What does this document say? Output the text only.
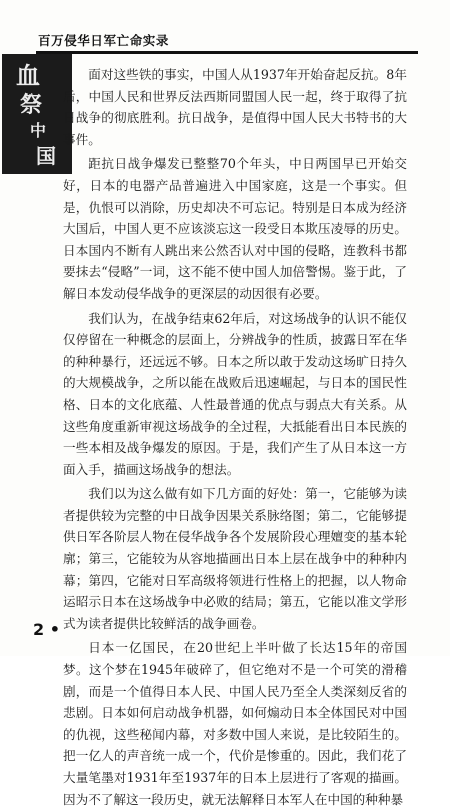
百万侵华日军亡命实录
血
祭
中
国

面对这些铁的事实，中国人从1937年开始奋起反抗。8年后，中国人民和世界反法西斯同盟国人民一起，终于取得了抗日战争的彻底胜利。抗日战争，是值得中国人民大书特书的大事件。

距抗日战争爆发已整整70个年头，中日两国早已开始交好，日本的电器产品普遍进入中国家庭，这是一个事实。但是，仇恨可以消除，历史却决不可忘记。特别是日本成为经济大国后，中国人更不应该淡忘这一段受日本欺压凌辱的历史。日本国内不断有人跳出来公然否认对中国的侵略，连教科书都要抹去“侵略”一词，这不能不使中国人加倍警惕。鉴于此，了解日本发动侵华战争的更深层的动因很有必要。

我们认为，在战争结束62年后，对这场战争的认识不能仅仅停留在一种概念的层面上，分辨战争的性质，披露日军在华的种种暴行，还远远不够。日本之所以敢于发动这场旷日持久的大规模战争，之所以能在战败后迅速崛起，与日本的国民性格、日本的文化底蕴、人性最普通的优点与弱点大有关系。从这些角度重新审视这场战争的全过程，大抵能看出日本民族的一些本相及战争爆发的原因。于是，我们产生了从日本这一方面入手，描画这场战争的想法。

我们以为这么做有如下几方面的好处：第一，它能够为读者提供较为完整的中日战争因果关系脉络图；第二，它能够提供日军各阶层人物在侵华战争各个发展阶段心理嬗变的基本轮廓；第三，它能较为从容地描画出日本上层在战争中的种种内幕；第四，它能对日军高级将领进行性格上的把握，以人物命运昭示日本在这场战争中必败的结局；第五，它能以准文学形式为读者提供比较鲜活的战争画卷。

日本一亿国民，在20世纪上半叶做了长达15年的帝国梦。这个梦在1945年破碎了，但它绝对不是一个可笑的滑稽剧，而是一个值得日本人民、中国人民乃至全人类深刻反省的悲剧。日本如何启动战争机器，如何煽动日本全体国民对中国的仇视，这些秘闻内幕，对多数中国人来说，是比较陌生的。把一亿人的声音统一成一个，代价是惨重的。因此，我们花了大量笔墨对1931年至1937年的日本上层进行了客观的描画。因为不了解这一段历史，就无法解释日本军人在中国的种种暴

2 •
